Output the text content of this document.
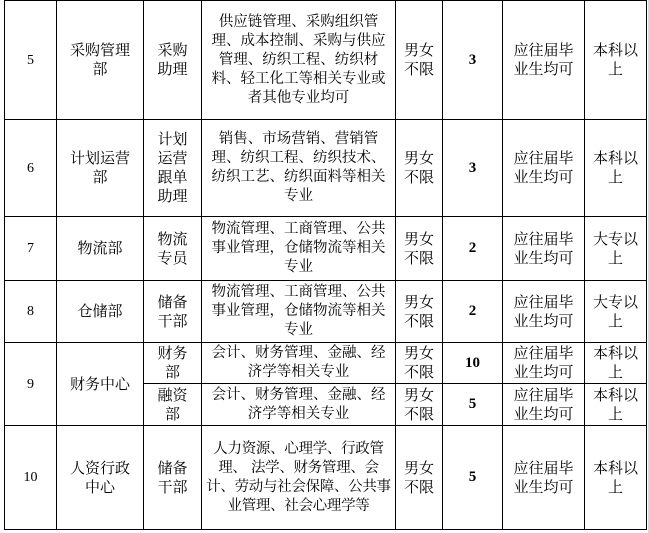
5	采购管理部	采购助理	供应链管理、采购组织管理、成本控制、采购与供应管理、纺织工程、纺织材料、轻工化工等相关专业或者其他专业均可	男女不限	3	应往届毕业生均可	本科以上

6	计划运营部	计划运营跟单助理	销售、市场营销、营销管理、纺织工程、纺织技术、纺织工艺、纺织面料等相关专业	男女不限	3	应往届毕业生均可	本科以上

7	物流部	物流专员	物流管理、工商管理、公共事业管理，仓储物流等相关专业	男女不限	2	应往届毕业生均可	大专以上

8	仓储部	储备干部	物流管理、工商管理、公共事业管理，仓储物流等相关专业	男女不限	2	应往届毕业生均可	大专以上

9	财务中心	财务部	会计、财务管理、金融、经济学等相关专业	男女不限	10	应往届毕业生均可	本科以上

		融资部	会计、财务管理、金融、经济学等相关专业	男女不限	5	应往届毕业生均可	本科以上

10	人资行政中心	储备干部	人力资源、心理学、行政管理、 法学、财务管理、会计、劳动与社会保障、公共事业管理、社会心理学等	男女不限	5	应往届毕业生均可	本科以上
